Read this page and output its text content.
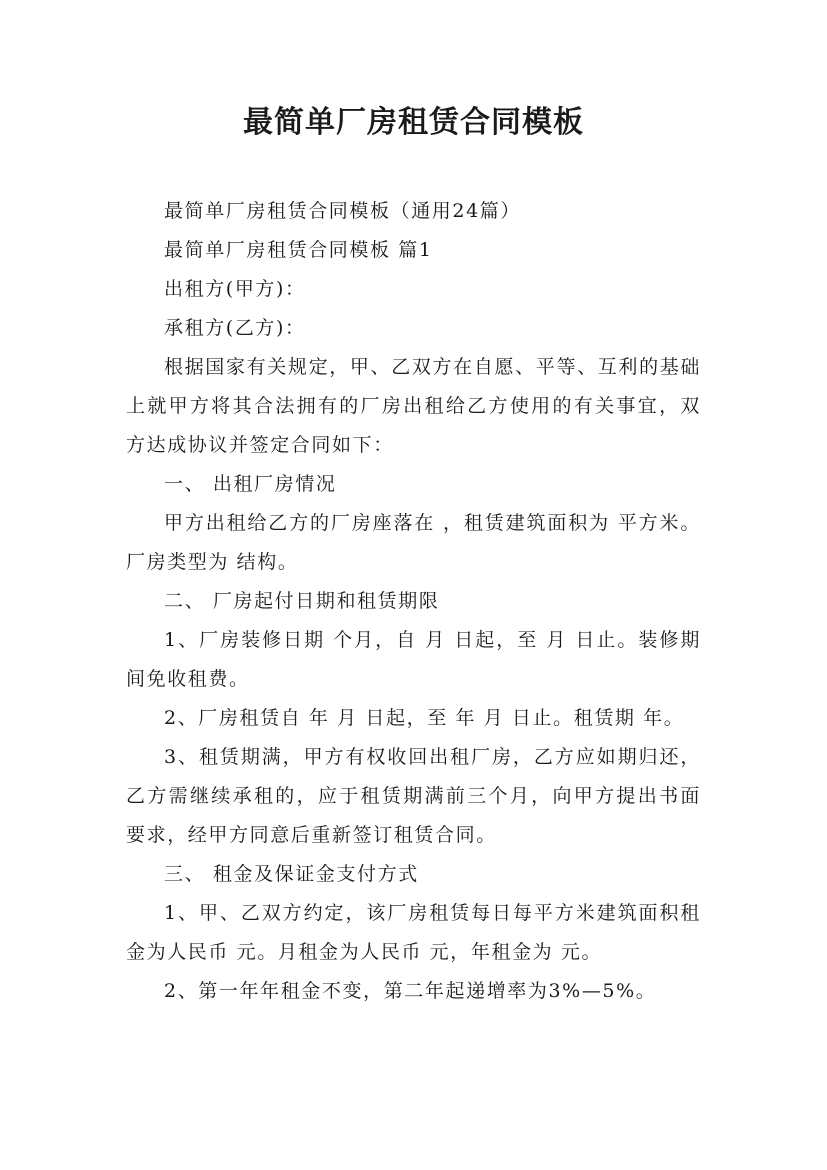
最简单厂房租赁合同模板

最简单厂房租赁合同模板（通用24篇）

最简单厂房租赁合同模板 篇1

出租方(甲方)：

承租方(乙方)：

根据国家有关规定，甲、乙双方在自愿、平等、互利的基础上就甲方将其合法拥有的厂房出租给乙方使用的有关事宜，双方达成协议并签定合同如下：

一、 出租厂房情况

甲方出租给乙方的厂房座落在 ，租赁建筑面积为 平方米。厂房类型为 结构。

二、 厂房起付日期和租赁期限

1、厂房装修日期 个月，自 月 日起，至 月 日止。装修期间免收租费。

2、厂房租赁自 年 月 日起，至 年 月 日止。租赁期 年。

3、租赁期满，甲方有权收回出租厂房，乙方应如期归还，乙方需继续承租的，应于租赁期满前三个月，向甲方提出书面要求，经甲方同意后重新签订租赁合同。

三、 租金及保证金支付方式

1、甲、乙双方约定，该厂房租赁每日每平方米建筑面积租金为人民币 元。月租金为人民币 元，年租金为 元。

2、第一年年租金不变，第二年起递增率为3%—5%。
